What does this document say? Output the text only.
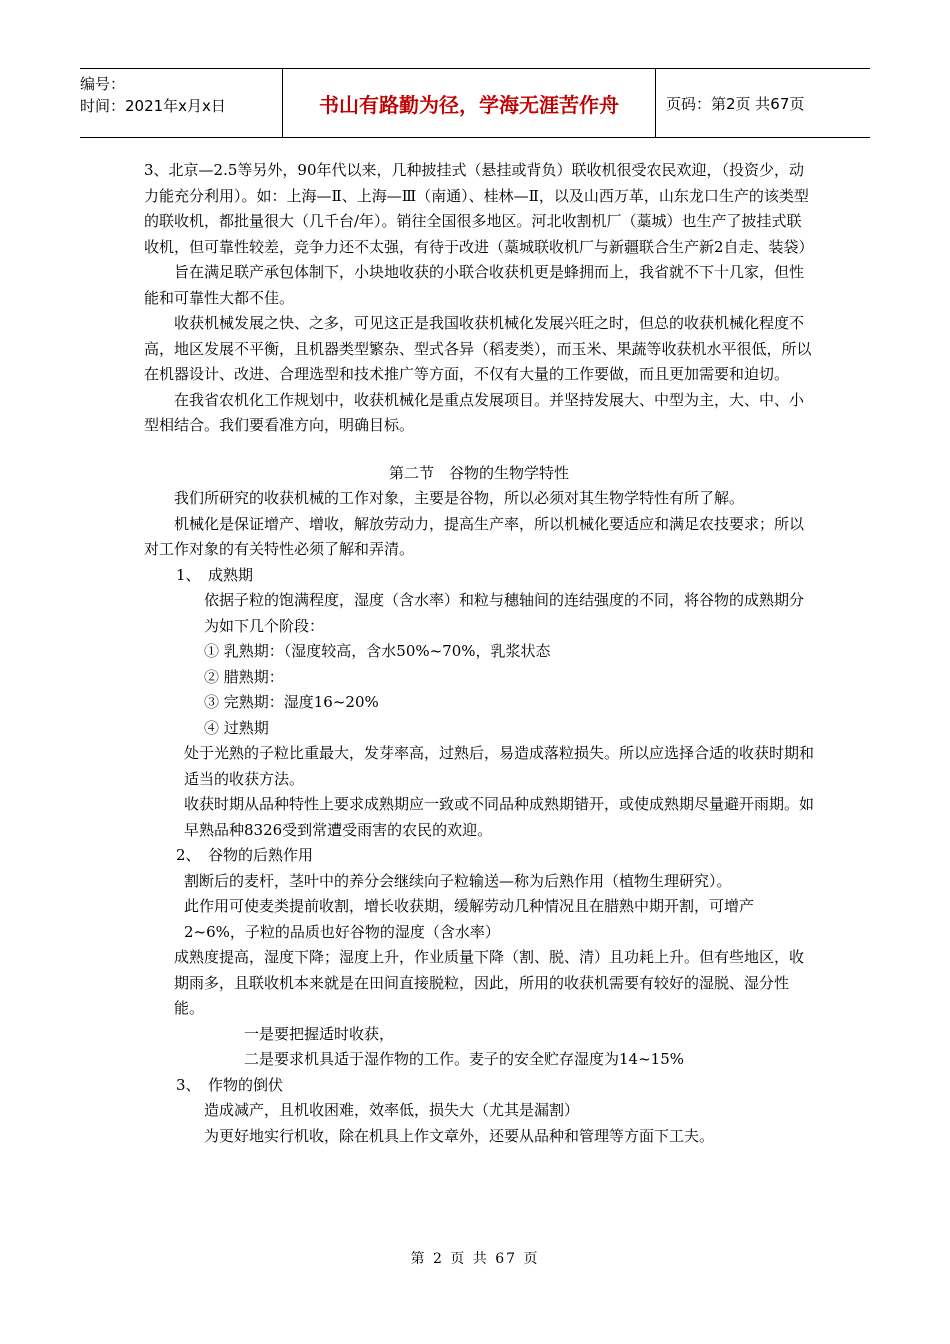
编号：
时间：2021年x月x日	书山有路勤为径，学海无涯苦作舟	页码：第2页 共67页

3、北京—2.5等另外，90年代以来，几种披挂式（悬挂或背负）联收机很受农民欢迎，（投资少，动力能充分利用）。如：上海—Ⅱ、上海—Ⅲ（南通）、桂林—Ⅱ，以及山西万革，山东龙口生产的该类型的联收机，都批量很大（几千台/年）。销往全国很多地区。河北收割机厂（藁城）也生产了披挂式联收机，但可靠性较差，竞争力还不太强，有待于改进（藁城联收机厂与新疆联合生产新2自走、装袋）

旨在满足联产承包体制下，小块地收获的小联合收获机更是蜂拥而上，我省就不下十几家，但性能和可靠性大都不佳。

收获机械发展之快、之多，可见这正是我国收获机械化发展兴旺之时，但总的收获机械化程度不高，地区发展不平衡，且机器类型繁杂、型式各异（稻麦类），而玉米、果蔬等收获机水平很低，所以在机器设计、改进、合理选型和技术推广等方面，不仅有大量的工作要做，而且更加需要和迫切。

在我省农机化工作规划中，收获机械化是重点发展项目。并坚持发展大、中型为主，大、中、小型相结合。我们要看准方向，明确目标。

第二节　谷物的生物学特性

我们所研究的收获机械的工作对象，主要是谷物，所以必须对其生物学特性有所了解。

机械化是保证增产、增收，解放劳动力，提高生产率，所以机械化要适应和满足农技要求；所以对工作对象的有关特性必须了解和弄清。

1、　成熟期

依据子粒的饱满程度，湿度（含水率）和粒与穗轴间的连结强度的不同，将谷物的成熟期分为如下几个阶段：

① 乳熟期：（湿度较高，含水50%~70%，乳浆状态

② 腊熟期：

③ 完熟期：湿度16~20%

④ 过熟期

处于光熟的子粒比重最大，发芽率高，过熟后，易造成落粒损失。所以应选择合适的收获时期和适当的收获方法。

收获时期从品种特性上要求成熟期应一致或不同品种成熟期错开，或使成熟期尽量避开雨期。如早熟品种8326受到常遭受雨害的农民的欢迎。

2、　谷物的后熟作用

割断后的麦杆，茎叶中的养分会继续向子粒输送—称为后熟作用（植物生理研究）。

此作用可使麦类提前收割，增长收获期，缓解劳动几种情况且在腊熟中期开割，可增产2~6%，子粒的品质也好谷物的湿度（含水率）

成熟度提高，湿度下降；湿度上升，作业质量下降（割、脱、清）且功耗上升。但有些地区，收期雨多，且联收机本来就是在田间直接脱粒，因此，所用的收获机需要有较好的湿脱、湿分性能。

一是要把握适时收获，

二是要求机具适于湿作物的工作。麦子的安全贮存湿度为14~15%

3、　作物的倒伏

造成减产，且机收困难，效率低，损失大（尤其是漏割）

为更好地实行机收，除在机具上作文章外，还要从品种和管理等方面下工夫。

第 2 页 共 67 页
